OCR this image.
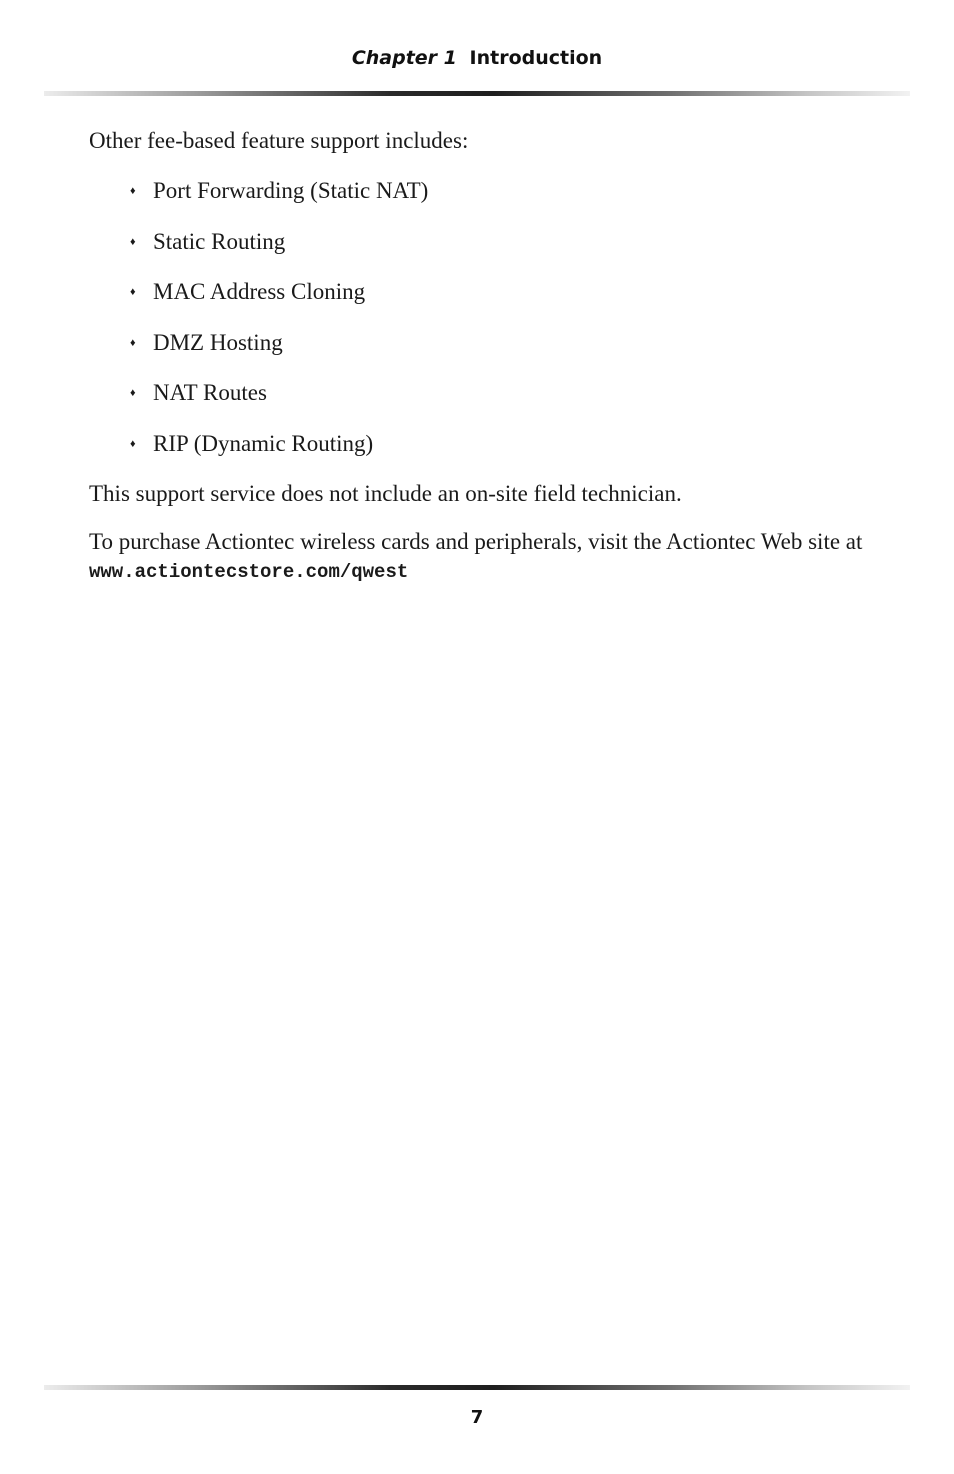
Chapter 1 Introduction

Other fee-based feature support includes:

♦ Port Forwarding (Static NAT)
♦ Static Routing
♦ MAC Address Cloning
♦ DMZ Hosting
♦ NAT Routes
♦ RIP (Dynamic Routing)

This support service does not include an on-site field technician.

To purchase Actiontec wireless cards and peripherals, visit the Actiontec Web site at
www.actiontecstore.com/qwest

7
